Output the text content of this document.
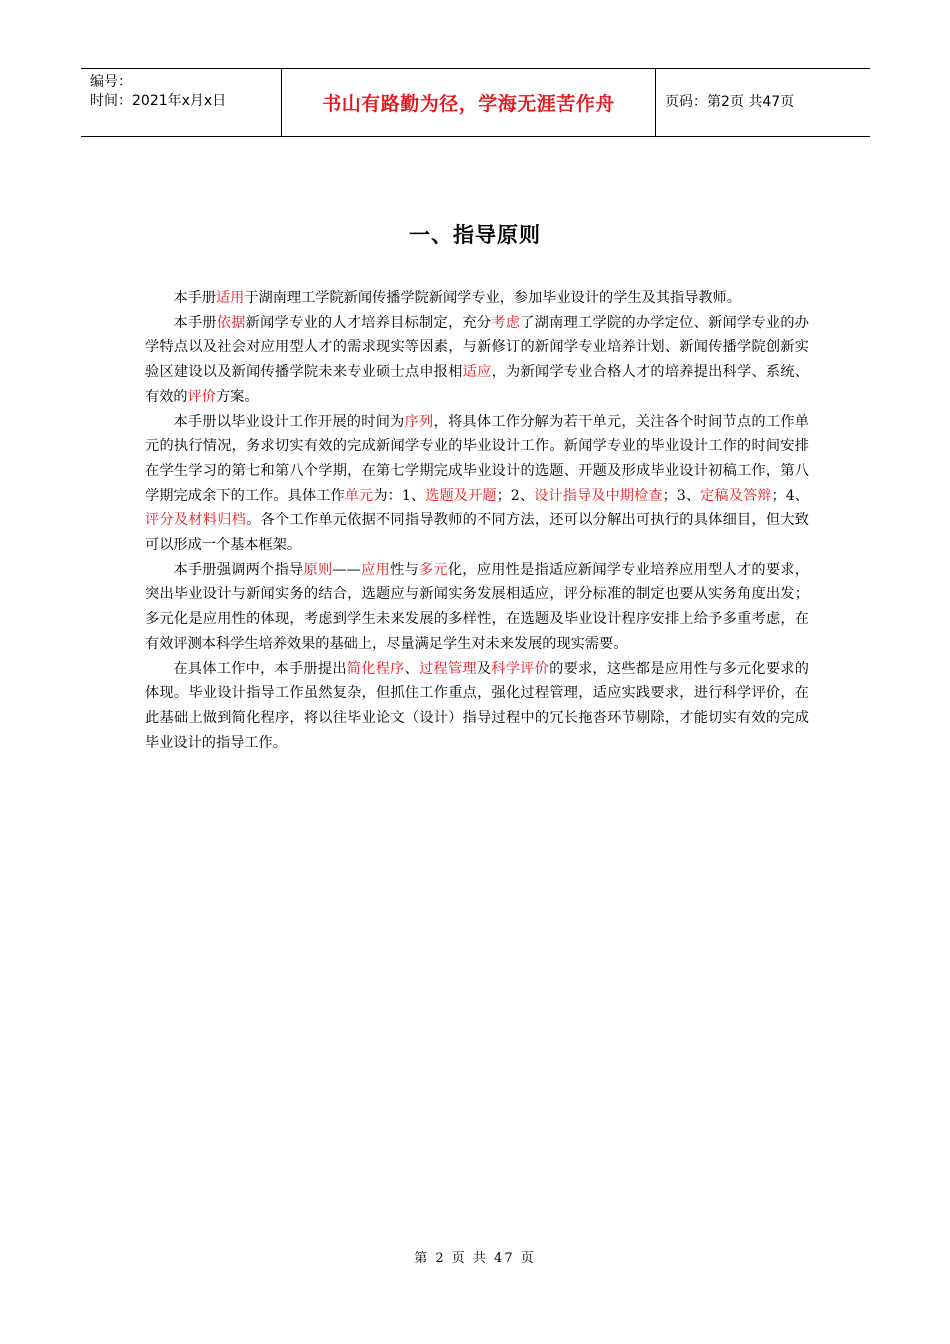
编号：
时间：2021年x月x日	书山有路勤为径，学海无涯苦作舟	页码：第2页 共47页
一、指导原则

本手册适用于湖南理工学院新闻传播学院新闻学专业，参加毕业设计的学生及其指导教师。

本手册依据新闻学专业的人才培养目标制定，充分考虑了湖南理工学院的办学定位、新闻学专业的办学特点以及社会对应用型人才的需求现实等因素，与新修订的新闻学专业培养计划、新闻传播学院创新实验区建设以及新闻传播学院未来专业硕士点申报相适应，为新闻学专业合格人才的培养提出科学、系统、有效的评价方案。

本手册以毕业设计工作开展的时间为序列，将具体工作分解为若干单元，关注各个时间节点的工作单元的执行情况，务求切实有效的完成新闻学专业的毕业设计工作。新闻学专业的毕业设计工作的时间安排在学生学习的第七和第八个学期，在第七学期完成毕业设计的选题、开题及形成毕业设计初稿工作，第八学期完成余下的工作。具体工作单元为：1、选题及开题；2、设计指导及中期检查；3、定稿及答辩；4、评分及材料归档。各个工作单元依据不同指导教师的不同方法，还可以分解出可执行的具体细目，但大致可以形成一个基本框架。

本手册强调两个指导原则——应用性与多元化，应用性是指适应新闻学专业培养应用型人才的要求，突出毕业设计与新闻实务的结合，选题应与新闻实务发展相适应，评分标准的制定也要从实务角度出发；多元化是应用性的体现，考虑到学生未来发展的多样性，在选题及毕业设计程序安排上给予多重考虑，在有效评测本科学生培养效果的基础上，尽量满足学生对未来发展的现实需要。

在具体工作中，本手册提出简化程序、过程管理及科学评价的要求，这些都是应用性与多元化要求的体现。毕业设计指导工作虽然复杂，但抓住工作重点，强化过程管理，适应实践要求，进行科学评价，在此基础上做到简化程序，将以往毕业论文（设计）指导过程中的冗长拖沓环节剔除，才能切实有效的完成毕业设计的指导工作。

第 2 页 共 47 页
